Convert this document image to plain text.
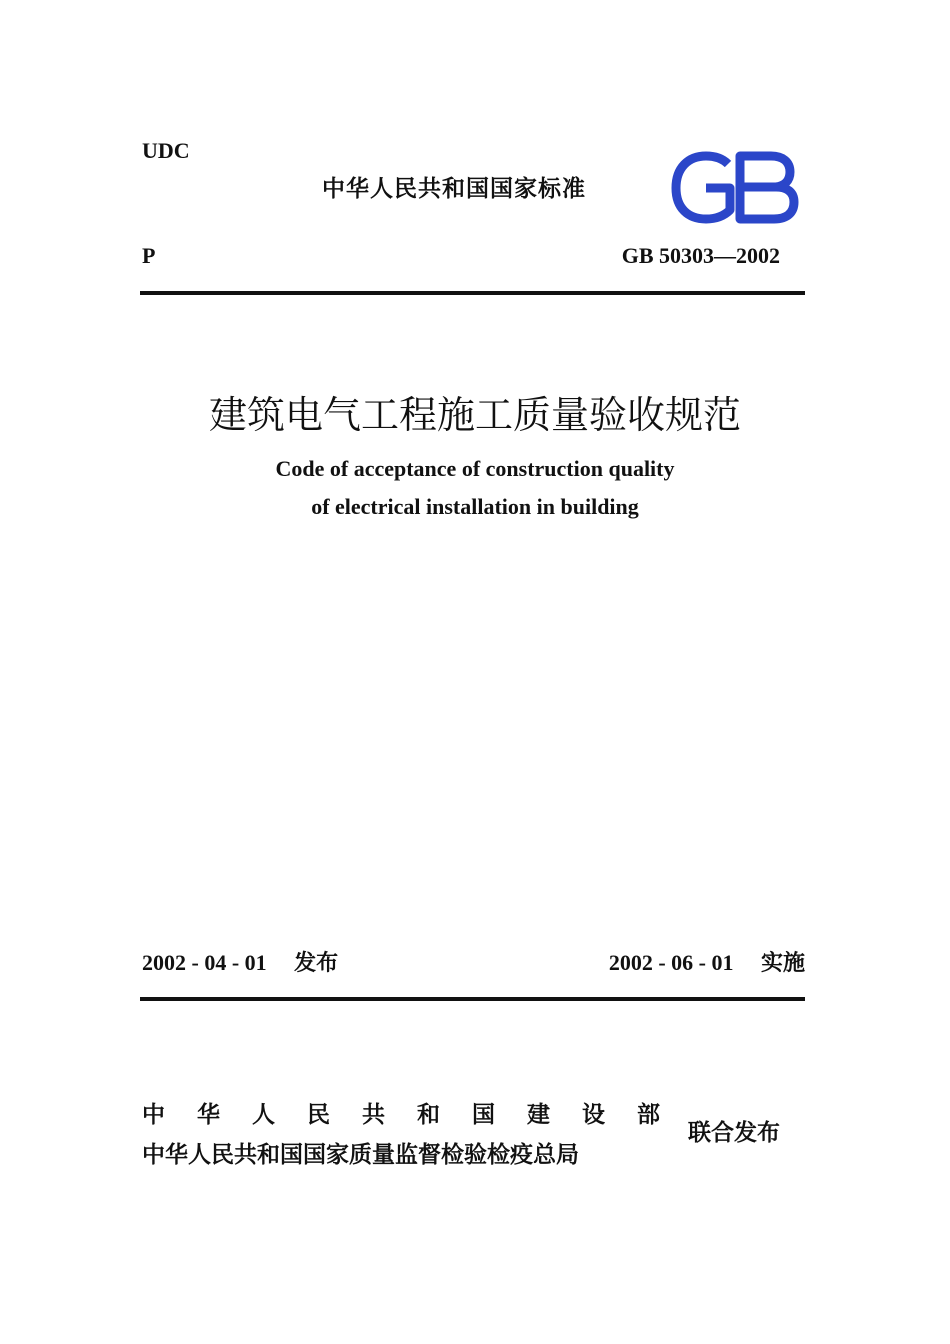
UDC
中华人民共和国国家标准
P	GB 50303—2002
建筑电气工程施工质量验收规范
Code of acceptance of construction quality
of electrical installation in building
2002 - 04 - 01 发布	2002 - 06 - 01 实施
中 华 人 民 共 和 国 建 设 部
中华人民共和国国家质量监督检验检疫总局
联合发布
